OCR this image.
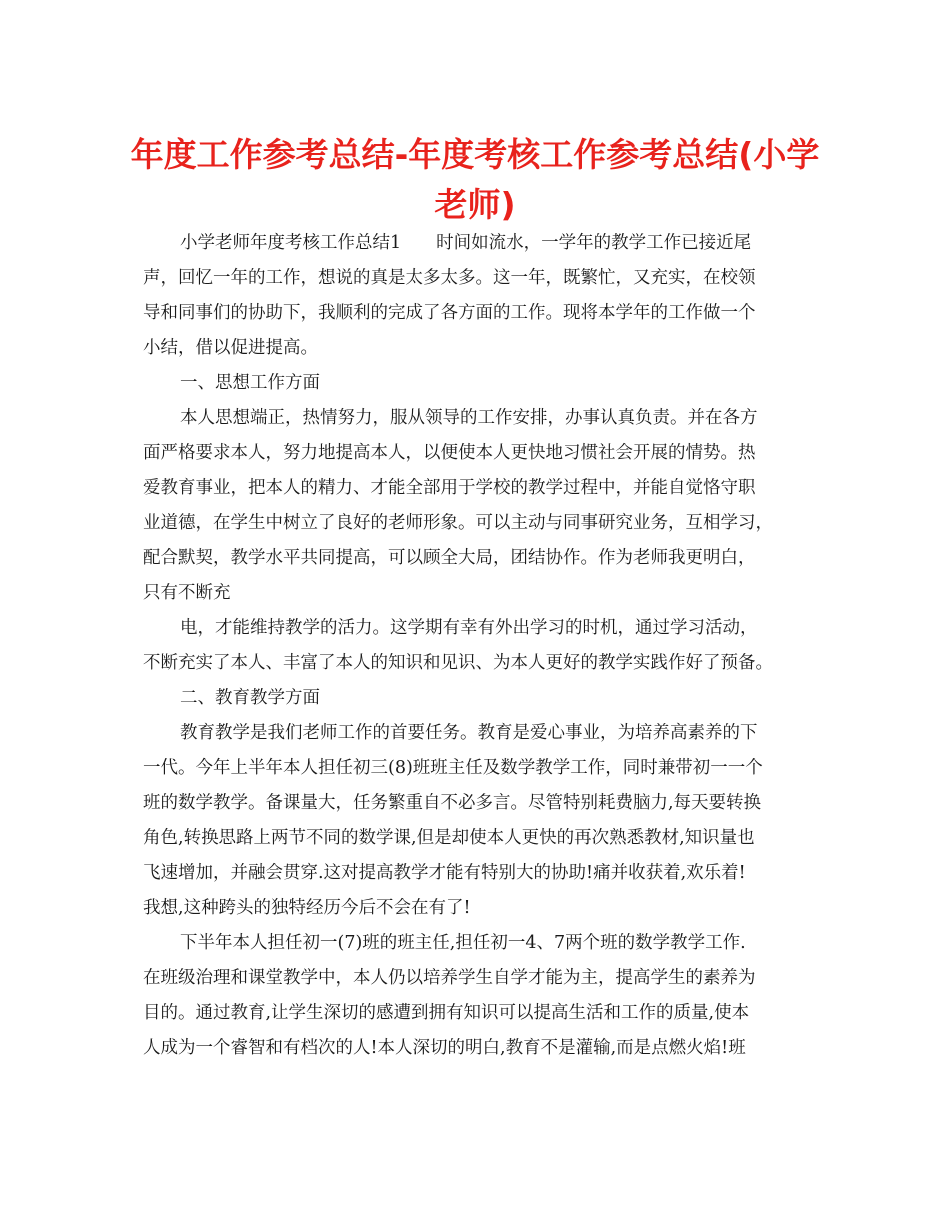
年度工作参考总结-年度考核工作参考总结(小学
老师)
小学老师年度考核工作总结1　　时间如流水，一学年的教学工作已接近尾
声，回忆一年的工作，想说的真是太多太多。这一年，既繁忙，又充实，在校领
导和同事们的协助下，我顺利的完成了各方面的工作。现将本学年的工作做一个
小结，借以促进提高。
一、思想工作方面
本人思想端正，热情努力，服从领导的工作安排，办事认真负责。并在各方
面严格要求本人，努力地提高本人，以便使本人更快地习惯社会开展的情势。热
爱教育事业，把本人的精力、才能全部用于学校的教学过程中，并能自觉恪守职
业道德，在学生中树立了良好的老师形象。可以主动与同事研究业务，互相学习，
配合默契，教学水平共同提高，可以顾全大局，团结协作。作为老师我更明白，
只有不断充
电，才能维持教学的活力。这学期有幸有外出学习的时机，通过学习活动，
不断充实了本人、丰富了本人的知识和见识、为本人更好的教学实践作好了预备。
二、教育教学方面
教育教学是我们老师工作的首要任务。教育是爱心事业，为培养高素养的下
一代。今年上半年本人担任初三(8)班班主任及数学教学工作，同时兼带初一一个
班的数学教学。备课量大，任务繁重自不必多言。尽管特别耗费脑力,每天要转换
角色,转换思路上两节不同的数学课,但是却使本人更快的再次熟悉教材,知识量也
飞速增加，并融会贯穿.这对提高教学才能有特别大的协助!痛并收获着,欢乐着!
我想,这种跨头的独特经历今后不会在有了!
下半年本人担任初一(7)班的班主任,担任初一4、7两个班的数学教学工作.
在班级治理和课堂教学中，本人仍以培养学生自学才能为主，提高学生的素养为
目的。通过教育,让学生深切的感遭到拥有知识可以提高生活和工作的质量,使本
人成为一个睿智和有档次的人!本人深切的明白,教育不是灌输,而是点燃火焰!班
